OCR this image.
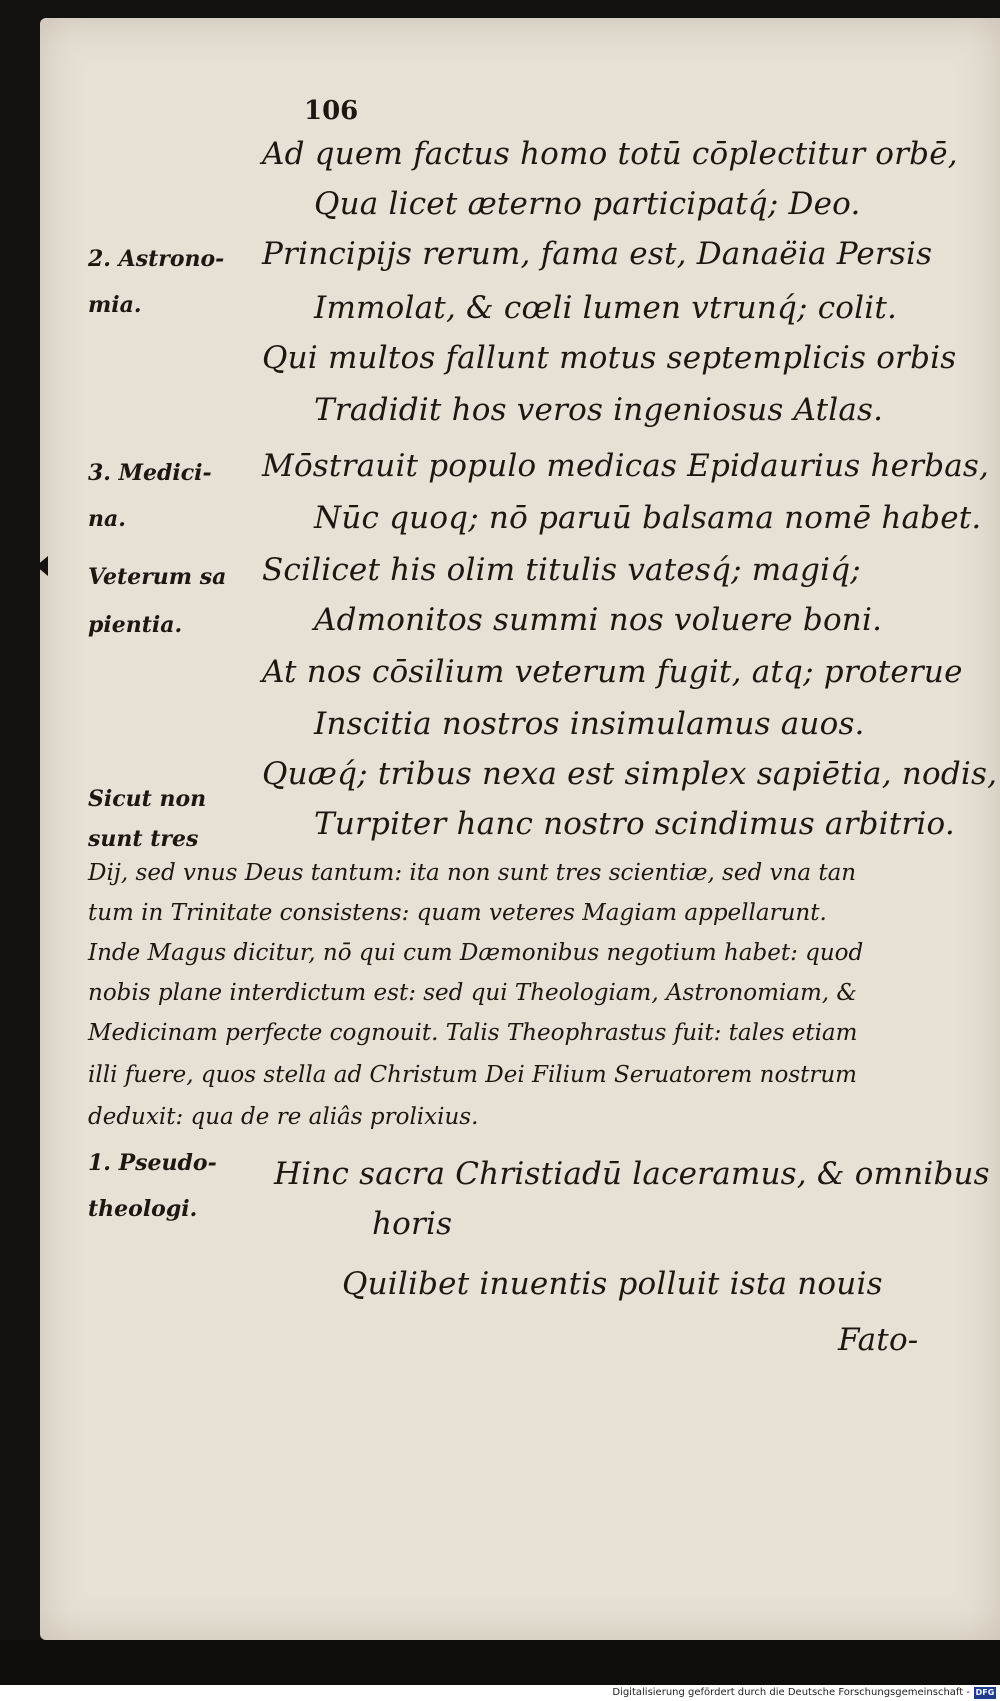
106
Ad quem factus homo totū cōplectitur orbē,
Qua licet æterno participatq́; Deo.
Principijs rerum, fama est, Danaëia Persis
Immolat, & cœli lumen vtrunq́; colit.
Qui multos fallunt motus septemplicis orbis
Tradidit hos veros ingeniosus Atlas.
Mōstrauit populo medicas Epidaurius herbas,
Nūc quoq; nō paruū balsama nomē habet.
Scilicet his olim titulis vatesq́; magiq́;
Admonitos summi nos voluere boni.
At nos cōsilium veterum fugit, atq; proterue
Inscitia nostros insimulamus auos.
Quæq́; tribus nexa est simplex sapiētia, nodis,
Turpiter hanc nostro scindimus arbitrio.
2. Astrono-
mia.
3. Medici-
na.
Veterum sa
pientia.
Sicut non
sunt tres
1. Pseudo-
theologi.
Dij, sed vnus Deus tantum: ita non sunt tres scientiæ, sed vna tan
tum in Trinitate consistens: quam veteres Magiam appellarunt.
Inde Magus dicitur, nō qui cum Dæmonibus negotium habet: quod
nobis plane interdictum est: sed qui Theologiam, Astronomiam, &
Medicinam perfecte cognouit. Talis Theophrastus fuit: tales etiam
illi fuere, quos stella ad Christum Dei Filium Seruatorem nostrum
deduxit: qua de re aliâs prolixius.
Hinc sacra Christiadū laceramus, & omnibus
horis
Quilibet inuentis polluit ista nouis
Fato-
Digitalisierung gefördert durch die Deutsche Forschungsgemeinschaft - DFG
